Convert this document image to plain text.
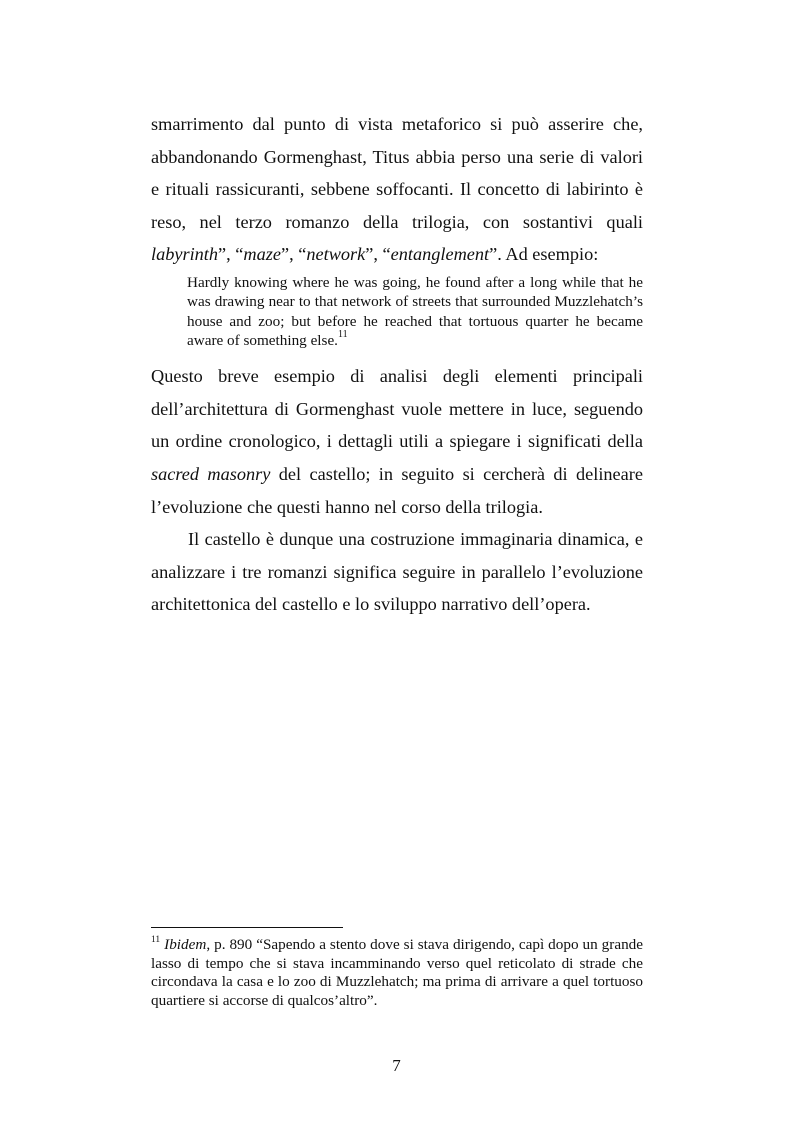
smarrimento dal punto di vista metaforico si può asserire che, abbandonando Gormenghast, Titus abbia perso una serie di valori e rituali rassicuranti, sebbene soffocanti. Il concetto di labirinto è reso, nel terzo romanzo della trilogia, con sostantivi quali labyrinth”, “maze”, “network”, “entanglement”. Ad esempio:

Hardly knowing where he was going, he found after a long while that he was drawing near to that network of streets that surrounded Muzzlehatch’s house and zoo; but before he reached that tortuous quarter he became aware of something else.$^{11}$

Questo breve esempio di analisi degli elementi principali dell’architettura di Gormenghast vuole mettere in luce, seguendo un ordine cronologico, i dettagli utili a spiegare i significati della sacred masonry del castello; in seguito si cercherà di delineare l’evoluzione che questi hanno nel corso della trilogia.

Il castello è dunque una costruzione immaginaria dinamica, e analizzare i tre romanzi significa seguire in parallelo l’evoluzione architettonica del castello e lo sviluppo narrativo dell’opera.

$^{11}$ Ibidem, p. 890 “Sapendo a stento dove si stava dirigendo, capì dopo un grande lasso di tempo che si stava incamminando verso quel reticolato di strade che circondava la casa e lo zoo di Muzzlehatch; ma prima di arrivare a quel tortuoso quartiere si accorse di qualcos’altro”.

7
